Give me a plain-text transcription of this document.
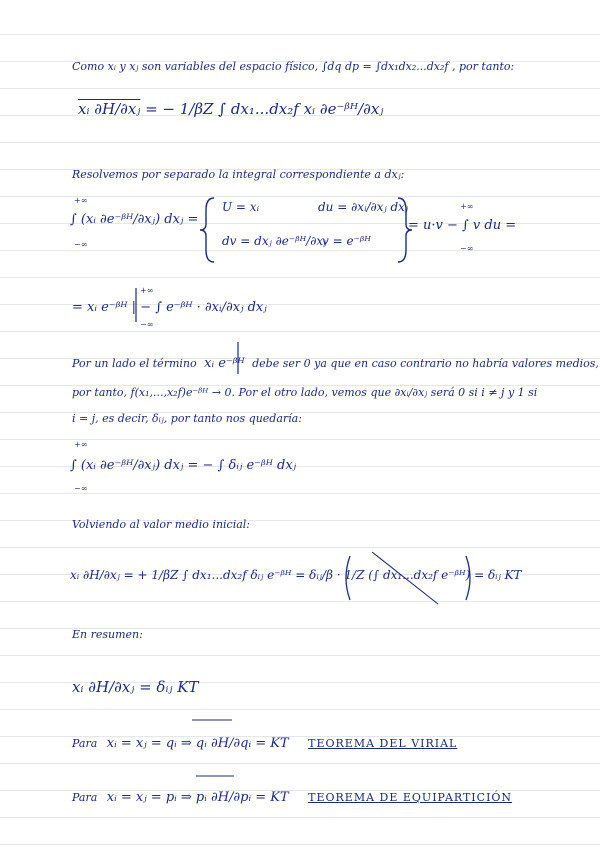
Como xᵢ y xⱼ son variables del espacio físico, ∫dq dp = ∫dx₁dx₂...dx₂f , por tanto:
xᵢ ∂H/∂xⱼ = − 1/βZ ∫ dx₁...dx₂f xᵢ ∂e⁻ᵝᴴ/∂xⱼ
Resolvemos por separado la integral correspondiente a dxⱼ:
∫ (xᵢ ∂e⁻ᵝᴴ/∂xⱼ) dxⱼ =
+∞
−∞
U = xᵢ
dv = dxⱼ ∂e⁻ᵝᴴ/∂xⱼ
du = ∂xᵢ/∂xⱼ dxⱼ
v = e⁻ᵝᴴ
= u·v − ∫ v du =
+∞
−∞
= xᵢ e⁻ᵝᴴ | − ∫ e⁻ᵝᴴ · ∂xᵢ/∂xⱼ dxⱼ
+∞
−∞
Por un lado el término xᵢ e⁻ᵝᴴ debe ser 0 ya que en caso contrario no habría valores medios,
por tanto, f(x₁,...,x₂f)e⁻ᵝᴴ → 0. Por el otro lado, vemos que ∂xᵢ/∂xⱼ será 0 si i ≠ j y 1 si
i = j, es decir, δᵢⱼ, por tanto nos quedaría:
∫ (xᵢ ∂e⁻ᵝᴴ/∂xⱼ) dxⱼ = − ∫ δᵢⱼ e⁻ᵝᴴ dxⱼ
+∞
−∞
Volviendo al valor medio inicial:
xᵢ ∂H/∂xⱼ = + 1/βZ ∫ dx₁...dx₂f δᵢⱼ e⁻ᵝᴴ = δᵢⱼ/β · 1/Z (∫ dx₁...dx₂f e⁻ᵝᴴ) = δᵢⱼ KT
En resumen:
xᵢ ∂H/∂xⱼ = δᵢⱼ KT
Para xᵢ = xⱼ = qᵢ ⇒ qᵢ ∂H/∂qᵢ = KT TEOREMA DEL VIRIAL
Para xᵢ = xⱼ = pᵢ ⇒ pᵢ ∂H/∂pᵢ = KT TEOREMA DE EQUIPARTICIÓN
